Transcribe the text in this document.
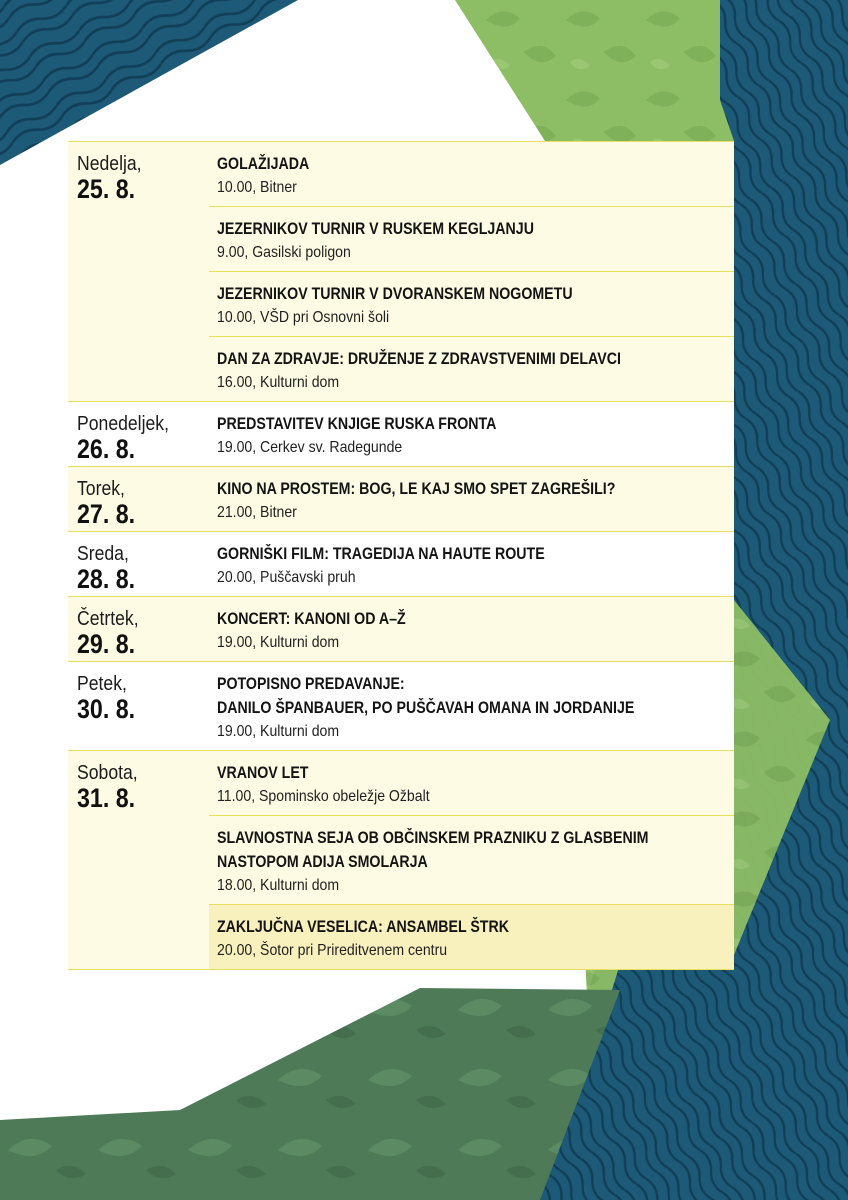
Nedelja,
25. 8.
GOLAŽIJADA
10.00, Bitner
JEZERNIKOV TURNIR V RUSKEM KEGLJANJU
9.00, Gasilski poligon
JEZERNIKOV TURNIR V DVORANSKEM NOGOMETU
10.00, VŠD pri Osnovni šoli
DAN ZA ZDRAVJE: DRUŽENJE Z ZDRAVSTVENIMI DELAVCI
16.00, Kulturni dom
Ponedeljek,
26. 8.
PREDSTAVITEV KNJIGE RUSKA FRONTA
19.00, Cerkev sv. Radegunde
Torek,
27. 8.
KINO NA PROSTEM: BOG, LE KAJ SMO SPET ZAGREŠILI?
21.00, Bitner
Sreda,
28. 8.
GORNIŠKI FILM: TRAGEDIJA NA HAUTE ROUTE
20.00, Puščavski pruh
Četrtek,
29. 8.
KONCERT: KANONI OD A–Ž
19.00, Kulturni dom
Petek,
30. 8.
POTOPISNO PREDAVANJE:
DANILO ŠPANBAUER, PO PUŠČAVAH OMANA IN JORDANIJE
19.00, Kulturni dom
Sobota,
31. 8.
VRANOV LET
11.00, Spominsko obeležje Ožbalt
SLAVNOSTNA SEJA OB OBČINSKEM PRAZNIKU Z GLASBENIM
NASTOPOM ADIJA SMOLARJA
18.00, Kulturni dom
ZAKLJUČNA VESELICA: ANSAMBEL ŠTRK
20.00, Šotor pri Prireditvenem centru
